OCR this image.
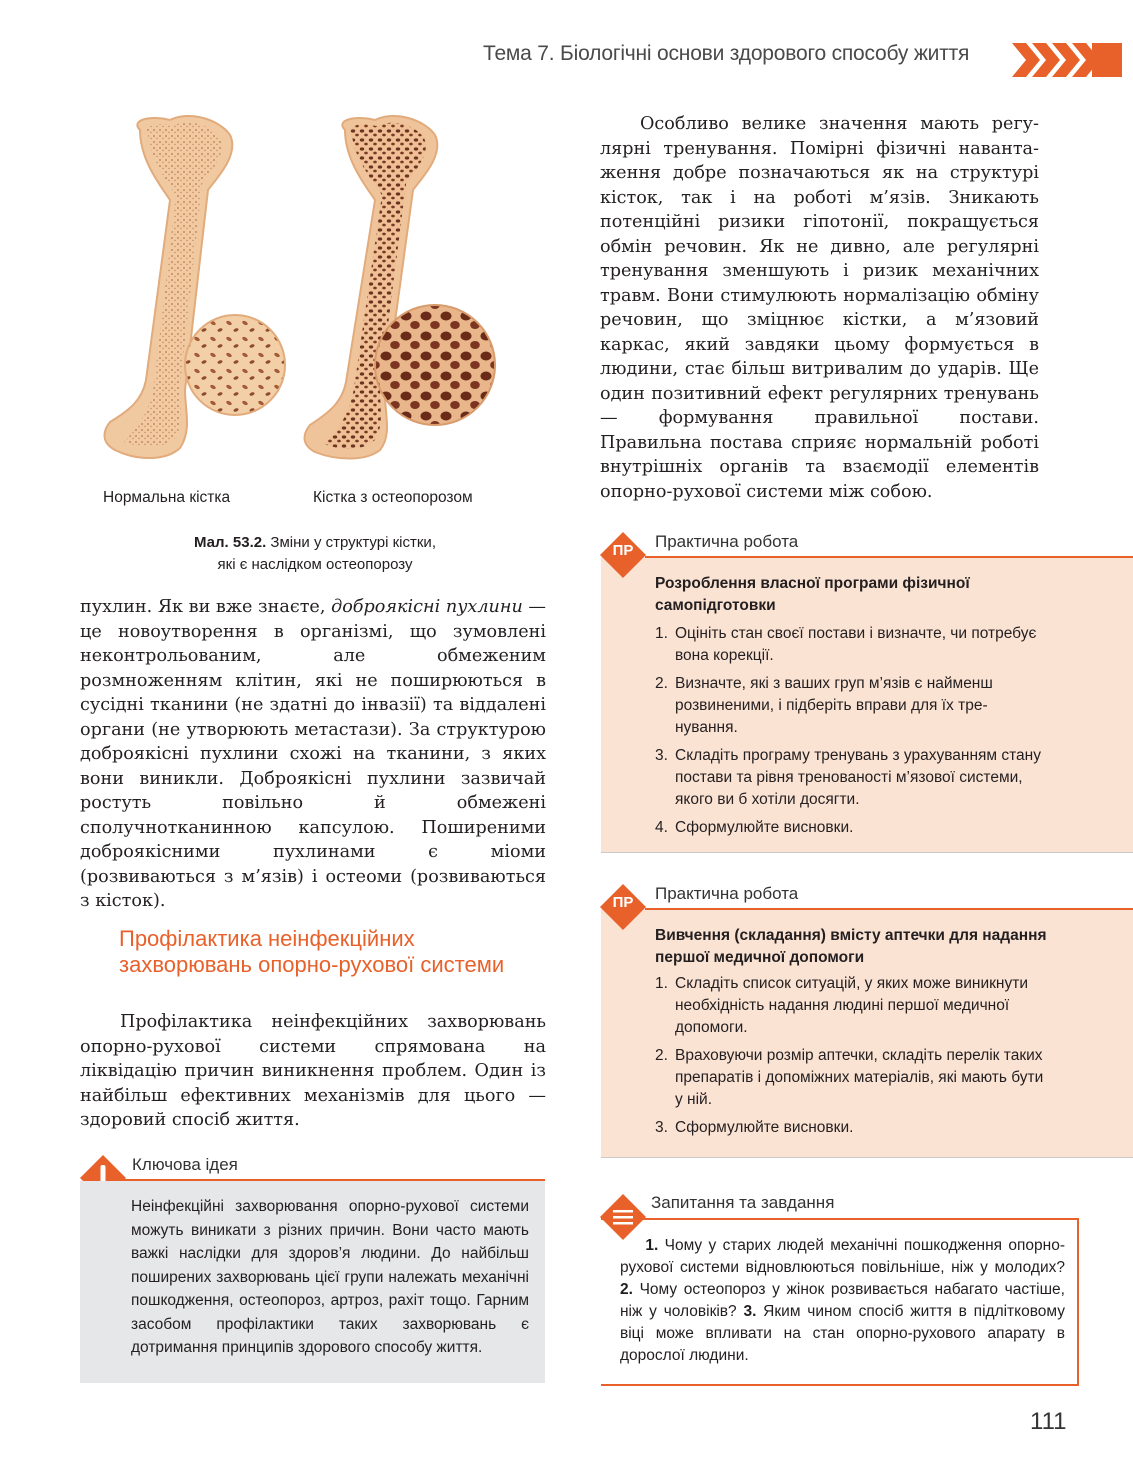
Тема 7. Біологічні основи здорового способу життя
Нормальна кістка	Кістка з остеопорозом
Мал. 53.2. Зміни у структурі кістки,
які є наслідком остеопорозу
пухлин. Як ви вже знаєте, доброякісні пухлини — це новоутворення в організмі, що зумовлені неконтрольованим, але обмеженим розмноженням клітин, які не поширюються в сусідні тканини (не здатні до інвазії) та віддалені органи (не утворюють метастази). За структурою доброякісні пухлини схожі на тканини, з яких вони виникли. Доброякісні пухлини зазвичай ростуть повільно й обмежені сполучнотканинною капсулою. Поширеними доброякісними пухлинами є міоми (розвиваються з м’язів) і остеоми (розвиваються з кісток).
Профілактика неінфекційних захворювань опорно-рухової системи
Профілактика неінфекційних захворювань опорно-рухової системи спрямована на ліквідацію причин виникнення проблем. Один із найбільш ефективних механізмів для цього — здоровий спосіб життя.
Ключова ідея
Неінфекційні захворювання опорно-рухової системи можуть виникати з різних причин. Вони часто мають важкі наслідки для здоров’я людини. До найбільш поширених захворювань цієї групи належать механічні пошкодження, остеопороз, артроз, рахіт тощо. Гарним засобом профілактики таких захворювань є дотримання принципів здорового способу життя.
Особливо велике значення мають регулярні тренування. Помірні фізичні навантаження добре позначаються як на структурі кісток, так і на роботі м’язів. Зникають потенційні ризики гіпотонії, покращується обмін речовин. Як не дивно, але регулярні тренування зменшують і ризик механічних травм. Вони стимулюють нормалізацію обміну речовин, що зміцнює кістки, а м’язовий каркас, який завдяки цьому формується в людини, стає більш витривалим до ударів. Ще один позитивний ефект регулярних тренувань — формування правильної постави. Правильна постава сприяє нормальній роботі внутрішніх органів та взаємодії елементів опорно-рухової системи між собою.
ПР	Практична робота
Розроблення власної програми фізичної самопідготовки
1. Оцініть стан своєї постави і визначте, чи потребує вона корекції.
2. Визначте, які з ваших груп м’язів є найменш розвиненими, і підберіть вправи для їх тренування.
3. Складіть програму тренувань з урахуванням стану постави та рівня тренованості м’язової системи, якого ви б хотіли досягти.
4. Сформулюйте висновки.
ПР	Практична робота
Вивчення (складання) вмісту аптечки для надання першої медичної допомоги
1. Складіть список ситуацій, у яких може виникнути необхідність надання людині першої медичної допомоги.
2. Враховуючи розмір аптечки, складіть перелік таких препаратів і допоміжних матеріалів, які мають бути у ній.
3. Сформулюйте висновки.
Запитання та завдання
1. Чому у старих людей механічні пошкодження опорно-рухової системи відновлюються повільніше, ніж у молодих? 2. Чому остеопороз у жінок розвивається набагато частіше, ніж у чоловіків? 3. Яким чином спосіб життя в підлітковому віці може впливати на стан опорно-рухового апарату в дорослої людини.
111
